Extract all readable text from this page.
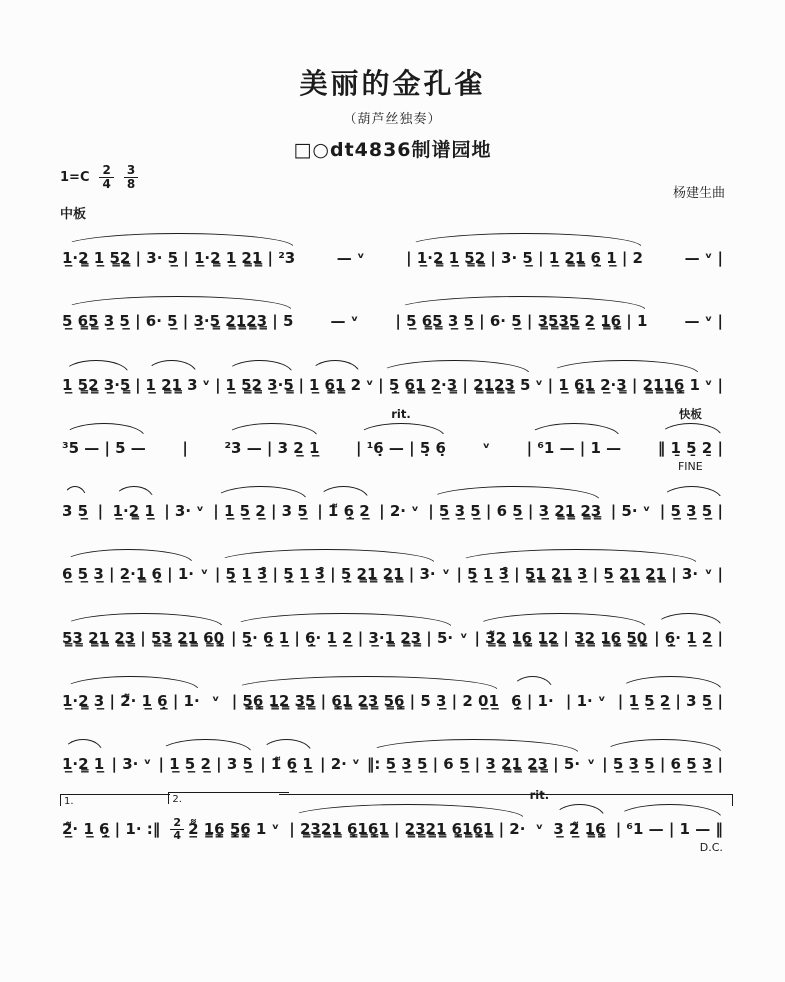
美丽的金孔雀
（葫芦丝独奏）
□○dt4836制谱园地
$1=C \frac{2}{4} \frac{3}{8}$
杨建生曲
中板
1̲·2̳ 1̲ 5̳2̳ | 3· 5̲ | 1̲·2̳ 1̲ 2̳1̳ | ²3	— ᵛ	| 1̲·2̳ 1̲ 5̳2̳ | 3· 5̲ | 1̲ 2̳1̳ 6̲̣ 1̲ | 2	— ᵛ |
5̲ 6̳5̳ 3̲ 5̲ | 6· 5̲ | 3̲·5̳ 2̳1̳2̳3̳ | 5 — ᵛ | 5̲ 6̳5̳ 3̲ 5̲ | 6· 5̲ | 3̳5̳3̳5̳ 2̲ 1̳6̳̣ | 1 — ᵛ |
1̲ 5̳2̳ 3̲·5̳ | 1̲ 2̳1̳ 3 ᵛ | 1̲ 5̳2̳ 3̲·5̳ | 1̲ 6̳̣1̳ 2 ᵛ | 5̲̣ 6̳̣1̳ 2̲·3̳ | 2̳1̳2̳3̳ 5 ᵛ | 1̲ 6̳̣1̳ 2̲·3̳ | 2̳1̳1̳6̳̣ 1 ᵛ |
³5 — | 5 — | ²3 — | 3 2̲ 1̲ | ¹6̣ — | 5̣ 6̣
rit.
ᵛ | ⁶1 — | 1 — ‖ 1̱ 5̱ 2̱ |
快板
FINE
3 5̲ | 1̲·2̳ 1̲ | 3· ᵛ | 1̲ 5̲ 2̲ | 3 5̲ | 1͌ 6̲̣ 2̲ | 2· ᵛ | 5̲ 3̲ 5̲ | 6 5̲ | 3̲ 2̳1̳ 2̳3̳ | 5· ᵛ | 5̲ 3̲ 5̲ |
6̲ 5̲ 3̲ | 2̲·1̳ 6̲̣ | 1· ᵛ | 5̲̣ 1̲ 3̲̑ | 5̲̣ 1̲ 3̲̑ | 5̲̣ 2̳1̳ 2̳1̳ | 3· ᵛ | 5̲̣ 1̲ 3̲̑ | 5̳̣1̳ 2̳1̳ 3̲ | 5̲ 2̳1̳ 2̳1̳ | 3· ᵛ |
5̳3̳ 2̳1̳ 2̳3̳ | 5̳3̳ 2̳1̳ 6̳0̳̣ | 5̲̣· 6̲̣ 1̲ | 6̲̣· 1̲ 2̲ | 3̲·1̳ 2̳3̳ | 5· ᵛ | 3̳͌2̳ 1̳6̳̣ 1̳2̳ | 3̳2̳ 1̳6̳̣ 5̳0̳̣ | 6̲̣· 1̲ 2̲ |
1̲·2̳ 3̲ | 2͌· 1̲ 6̲̣ | 1· ᵛ | 5̳̣6̳̣ 1̳2̳ 3̳5̳ | 6̳̣1̳ 2̳3̳ 5̳6̳̣ | 5 3̲ | 2 0̲1̲ 6̲̣ | 1· | 1· ᵛ | 1̲ 5̲ 2̲ | 3 5̲ |
1̲·2̳ 1̲ | 3· ᵛ | 1̲ 5̲ 2̲ | 3 5̲ | 1͌ 6̲̣ 1̲ | 2· ᵛ ‖: 5̲ 3̲ 5̲ | 6 5̲ | 3̲ 2̳1̳ 2̳3̳ | 5· ᵛ | 5̲ 3̲ 5̲ | 6̲ 5̲ 3̲ |
2̲͌· 1̲ 6̲̣ | 1· :‖
1.
$\frac{2}{4}$ 2̲͌ 1̳6̳̣ 5̳̣6̳̣ 1 ᵛ
2.
| 2̳3̳2̳1̳ 6̳̣1̳6̳̣1̳ | 2̳3̳2̳1̳ 6̳̣1̳6̳̣1̳ | 2· ᵛ
rit.
3̲ 2̲͌ 1̳6̳̣ | ⁶1 — | 1 — ‖
D.C.
